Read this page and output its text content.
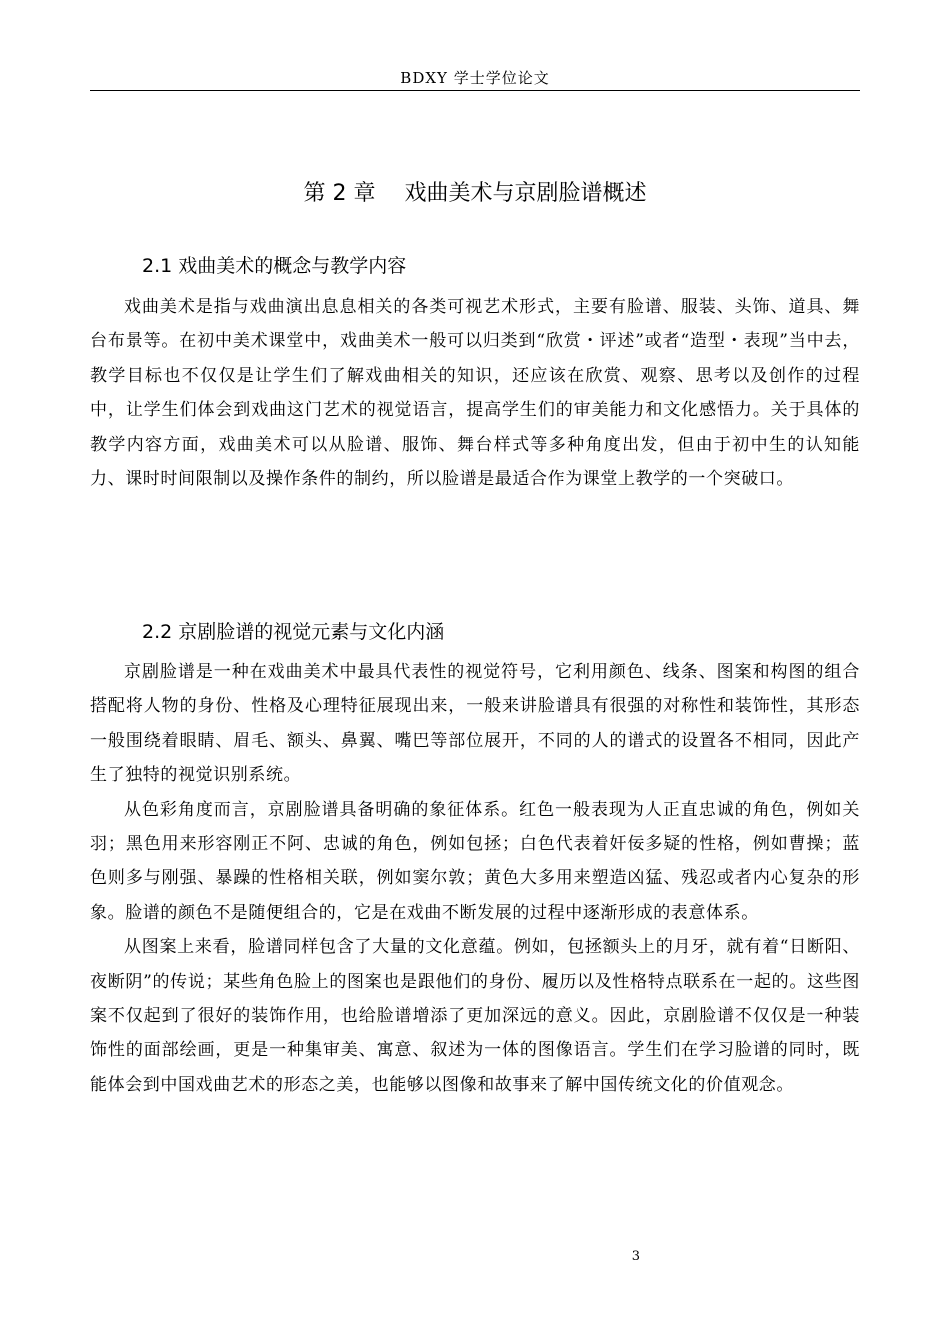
BDXY 学士学位论文
第 2 章　 戏曲美术与京剧脸谱概述
2.1 戏曲美术的概念与教学内容

戏曲美术是指与戏曲演出息息相关的各类可视艺术形式，主要有脸谱、服装、头饰、道具、舞台布景等。在初中美术课堂中，戏曲美术一般可以归类到“欣赏・评述”或者“造型・表现”当中去，教学目标也不仅仅是让学生们了解戏曲相关的知识，还应该在欣赏、观察、思考以及创作的过程中，让学生们体会到戏曲这门艺术的视觉语言，提高学生们的审美能力和文化感悟力。关于具体的教学内容方面，戏曲美术可以从脸谱、服饰、舞台样式等多种角度出发，但由于初中生的认知能力、课时时间限制以及操作条件的制约，所以脸谱是最适合作为课堂上教学的一个突破口。

2.2 京剧脸谱的视觉元素与文化内涵

京剧脸谱是一种在戏曲美术中最具代表性的视觉符号，它利用颜色、线条、图案和构图的组合搭配将人物的身份、性格及心理特征展现出来，一般来讲脸谱具有很强的对称性和装饰性，其形态一般围绕着眼睛、眉毛、额头、鼻翼、嘴巴等部位展开，不同的人的谱式的设置各不相同，因此产生了独特的视觉识别系统。

从色彩角度而言，京剧脸谱具备明确的象征体系。红色一般表现为人正直忠诚的角色，例如关羽；黑色用来形容刚正不阿、忠诚的角色，例如包拯；白色代表着奸佞多疑的性格，例如曹操；蓝色则多与刚强、暴躁的性格相关联，例如窦尔敦；黄色大多用来塑造凶猛、残忍或者内心复杂的形象。脸谱的颜色不是随便组合的，它是在戏曲不断发展的过程中逐渐形成的表意体系。

从图案上来看，脸谱同样包含了大量的文化意蕴。例如，包拯额头上的月牙，就有着“日断阳、夜断阴”的传说；某些角色脸上的图案也是跟他们的身份、履历以及性格特点联系在一起的。这些图案不仅起到了很好的装饰作用，也给脸谱增添了更加深远的意义。因此，京剧脸谱不仅仅是一种装饰性的面部绘画，更是一种集审美、寓意、叙述为一体的图像语言。学生们在学习脸谱的同时，既能体会到中国戏曲艺术的形态之美，也能够以图像和故事来了解中国传统文化的价值观念。

3
